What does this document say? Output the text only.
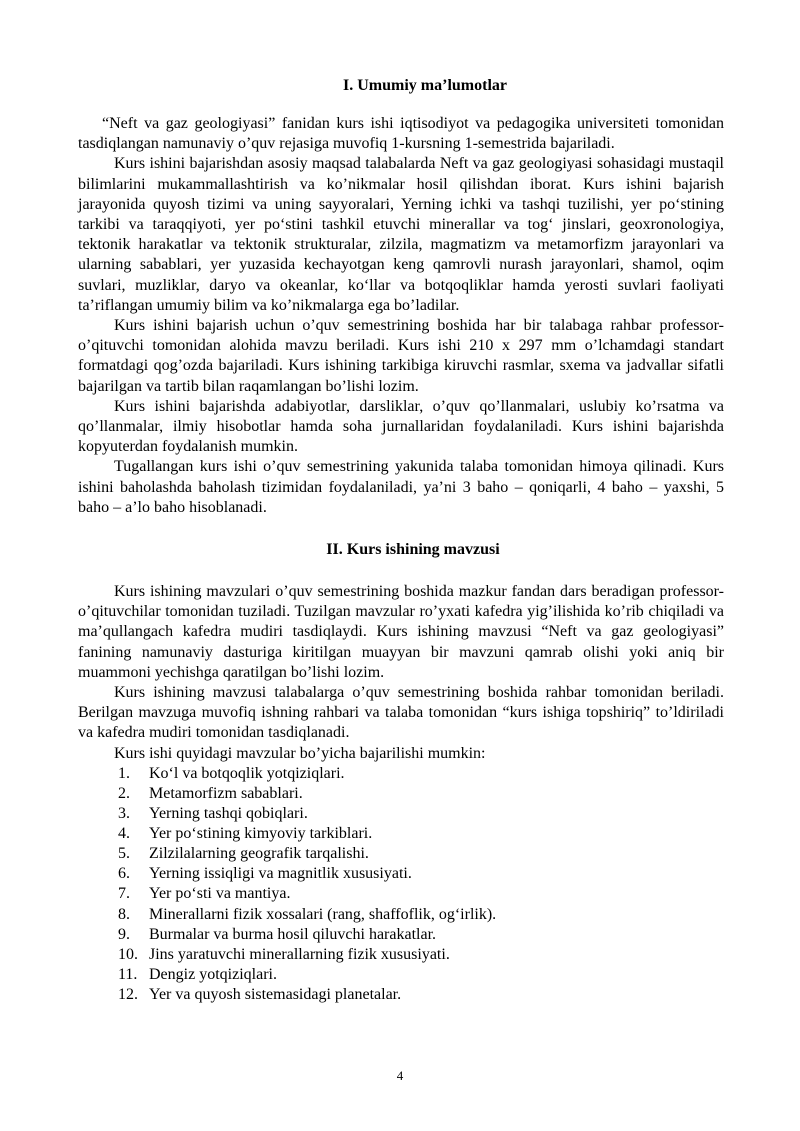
I. Umumiy ma’lumotlar

“Neft va gaz geologiyasi” fanidan kurs ishi iqtisodiyot va pedagogika universiteti tomonidan tasdiqlangan namunaviy o’quv rejasiga muvofiq 1-kursning 1-semestrida bajariladi.

Kurs ishini bajarishdan asosiy maqsad talabalarda Neft va gaz geologiyasi sohasidagi mustaqil bilimlarini mukammallashtirish va ko’nikmalar hosil qilishdan iborat. Kurs ishini bajarish jarayonida quyosh tizimi va uning sayyoralari, Yerning ichki va tashqi tuzilishi, yer po‘stining tarkibi va taraqqiyoti, yer po‘stini tashkil etuvchi minerallar va tog‘ jinslari, geoxronologiya, tektonik harakatlar va tektonik strukturalar, zilzila, magmatizm va metamorfizm jarayonlari va ularning sabablari, yer yuzasida kechayotgan keng qamrovli nurash jarayonlari, shamol, oqim suvlari, muzliklar, daryo va okeanlar, ko‘llar va botqoqliklar hamda yerosti suvlari faoliyati ta’riflangan umumiy bilim va ko’nikmalarga ega bo’ladilar.

Kurs ishini bajarish uchun o’quv semestrining boshida har bir talabaga rahbar professor-o’qituvchi tomonidan alohida mavzu beriladi. Kurs ishi 210 x 297 mm o’lchamdagi standart formatdagi qog’ozda bajariladi. Kurs ishining tarkibiga kiruvchi rasmlar, sxema va jadvallar sifatli bajarilgan va tartib bilan raqamlangan bo’lishi lozim.

Kurs ishini bajarishda adabiyotlar, darsliklar, o’quv qo’llanmalari, uslubiy ko’rsatma va qo’llanmalar, ilmiy hisobotlar hamda soha jurnallaridan foydalaniladi. Kurs ishini bajarishda kopyuterdan foydalanish mumkin.

Tugallangan kurs ishi o’quv semestrining yakunida talaba tomonidan himoya qilinadi. Kurs ishini baholashda baholash tizimidan foydalaniladi, ya’ni 3 baho – qoniqarli, 4 baho – yaxshi, 5 baho – a’lo baho hisoblanadi.

II. Kurs ishining mavzusi

Kurs ishining mavzulari o’quv semestrining boshida mazkur fandan dars beradigan professor-o’qituvchilar tomonidan tuziladi. Tuzilgan mavzular ro’yxati kafedra yig’ilishida ko’rib chiqiladi va ma’qullangach kafedra mudiri tasdiqlaydi. Kurs ishining mavzusi “Neft va gaz geologiyasi” fanining namunaviy dasturiga kiritilgan muayyan bir mavzuni qamrab olishi yoki aniq bir muammoni yechishga qaratilgan bo’lishi lozim.

Kurs ishining mavzusi talabalarga o’quv semestrining boshida rahbar tomonidan beriladi. Berilgan mavzuga muvofiq ishning rahbari va talaba tomonidan “kurs ishiga topshiriq” to’ldiriladi va kafedra mudiri tomonidan tasdiqlanadi.

Kurs ishi quyidagi mavzular bo’yicha bajarilishi mumkin:

1.	Ko‘l va botqoqlik yotqiziqlari.
2.	Metamorfizm sabablari.
3.	Yerning tashqi qobiqlari.
4.	Yer po‘stining kimyoviy tarkiblari.
5.	Zilzilalarning geografik tarqalishi.
6.	Yerning issiqligi va magnitlik xususiyati.
7.	Yer po‘sti va mantiya.
8.	Minerallarni fizik xossalari (rang, shaffoflik, og‘irlik).
9.	Burmalar va burma hosil qiluvchi harakatlar.
10. Jins yaratuvchi minerallarning fizik xususiyati.
11. Dengiz yotqiziqlari.
12. Yer va quyosh sistemasidagi planetalar.
4
